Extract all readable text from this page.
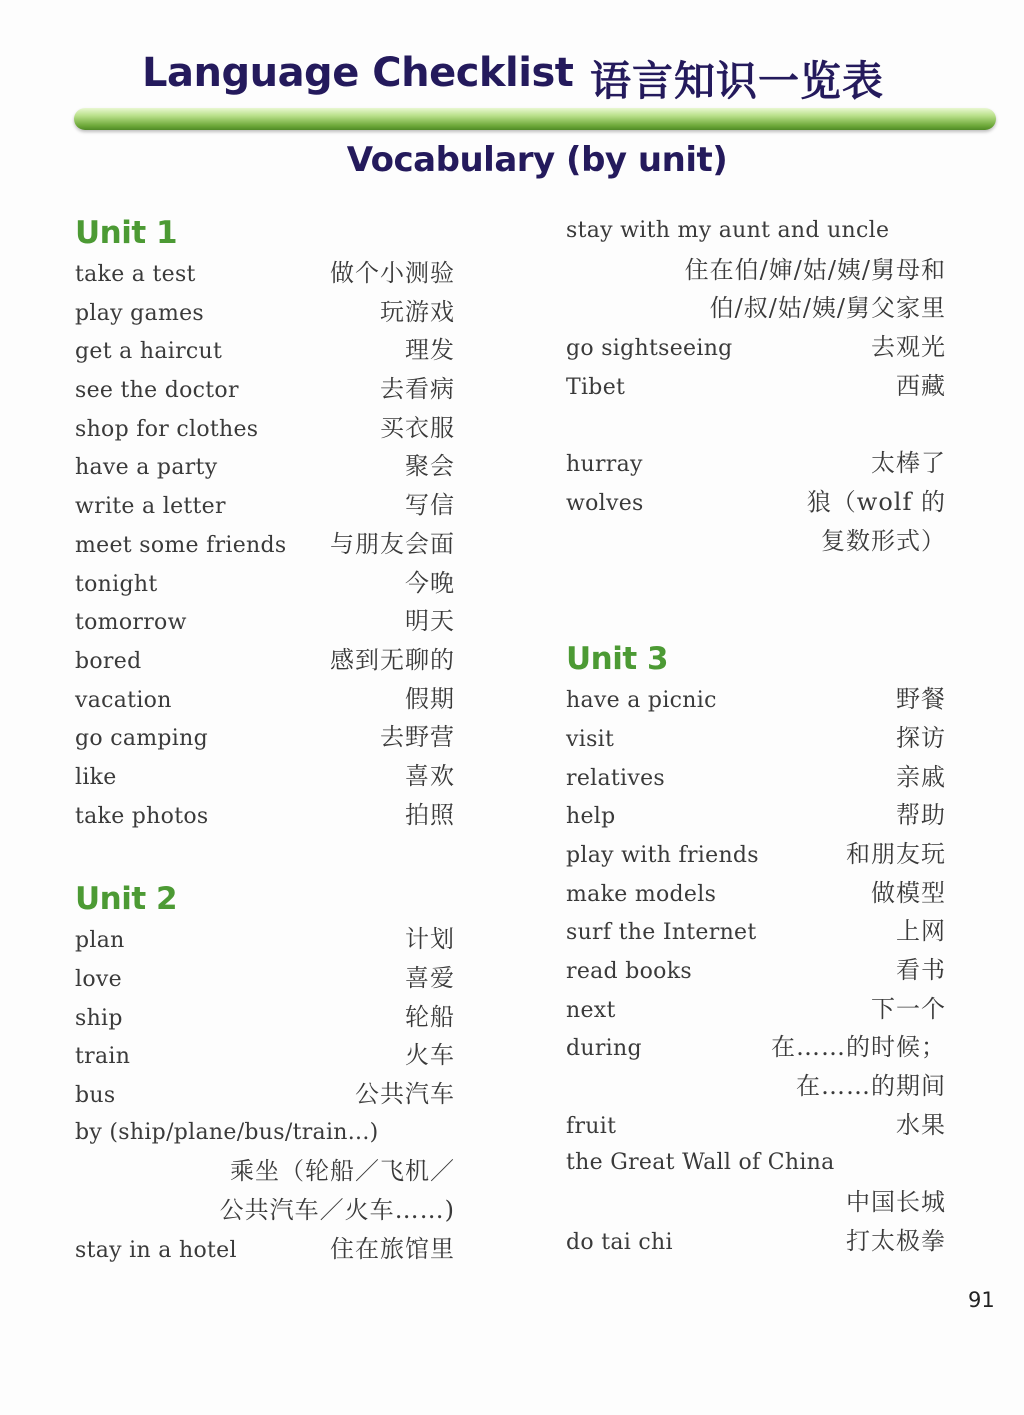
Language Checklist 语言知识一览表
Vocabulary (by unit)
Unit 1
take a test	做个小测验
play games	玩游戏
get a haircut	理发
see the doctor	去看病
shop for clothes	买衣服
have a party	聚会
write a letter	写信
meet some friends 与朋友会面
tonight	今晚
tomorrow	明天
bored	感到无聊的
vacation	假期
go camping	去野营
like	喜欢
take photos	拍照
Unit 2
plan	计划
love	喜爱
ship	轮船
train	火车
bus	公共汽车
by (ship/plane/bus/train...)
乘坐（轮船／飞机／
公共汽车／火车……)
stay in a hotel	住在旅馆里
stay with my aunt and uncle
住在伯/婶/姑/姨/舅母和
伯/叔/姑/姨/舅父家里
go sightseeing	去观光
Tibet	西藏
hurray	太棒了
wolves	狼（wolf 的
复数形式）
Unit 3
have a picnic	野餐
visit	探访
relatives	亲戚
help	帮助
play with friends	和朋友玩
make models	做模型
surf the Internet	上网
read books	看书
next	下一个
during	在……的时候；
在……的期间
fruit	水果
the Great Wall of China
中国长城
do tai chi	打太极拳
91
